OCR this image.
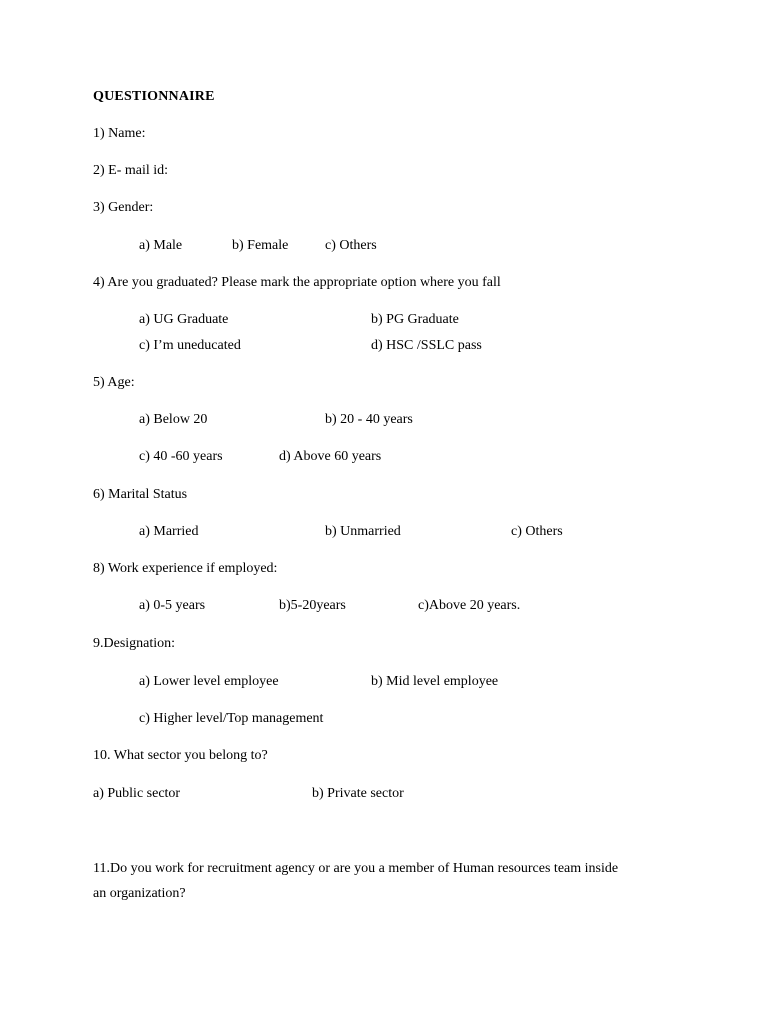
QUESTIONNAIRE
1) Name:
2) E- mail id:
3) Gender:
a) Male	b) Female	c) Others
4) Are you graduated? Please mark the appropriate option where you fall
a) UG Graduate	b) PG Graduate
c) I’m uneducated	d) HSC /SSLC pass
5) Age:
a) Below 20	b) 20 - 40 years
c) 40 -60 years	d) Above 60 years
6) Marital Status
a) Married	b) Unmarried	c) Others
8) Work experience if employed:
a) 0-5 years	b)5-20years	c)Above 20 years.
9.Designation:
a) Lower level employee	b) Mid level employee
c) Higher level/Top management
10. What sector you belong to?
a) Public sector	b) Private sector
11.Do you work for recruitment agency or are you a member of Human resources team inside
an organization?
